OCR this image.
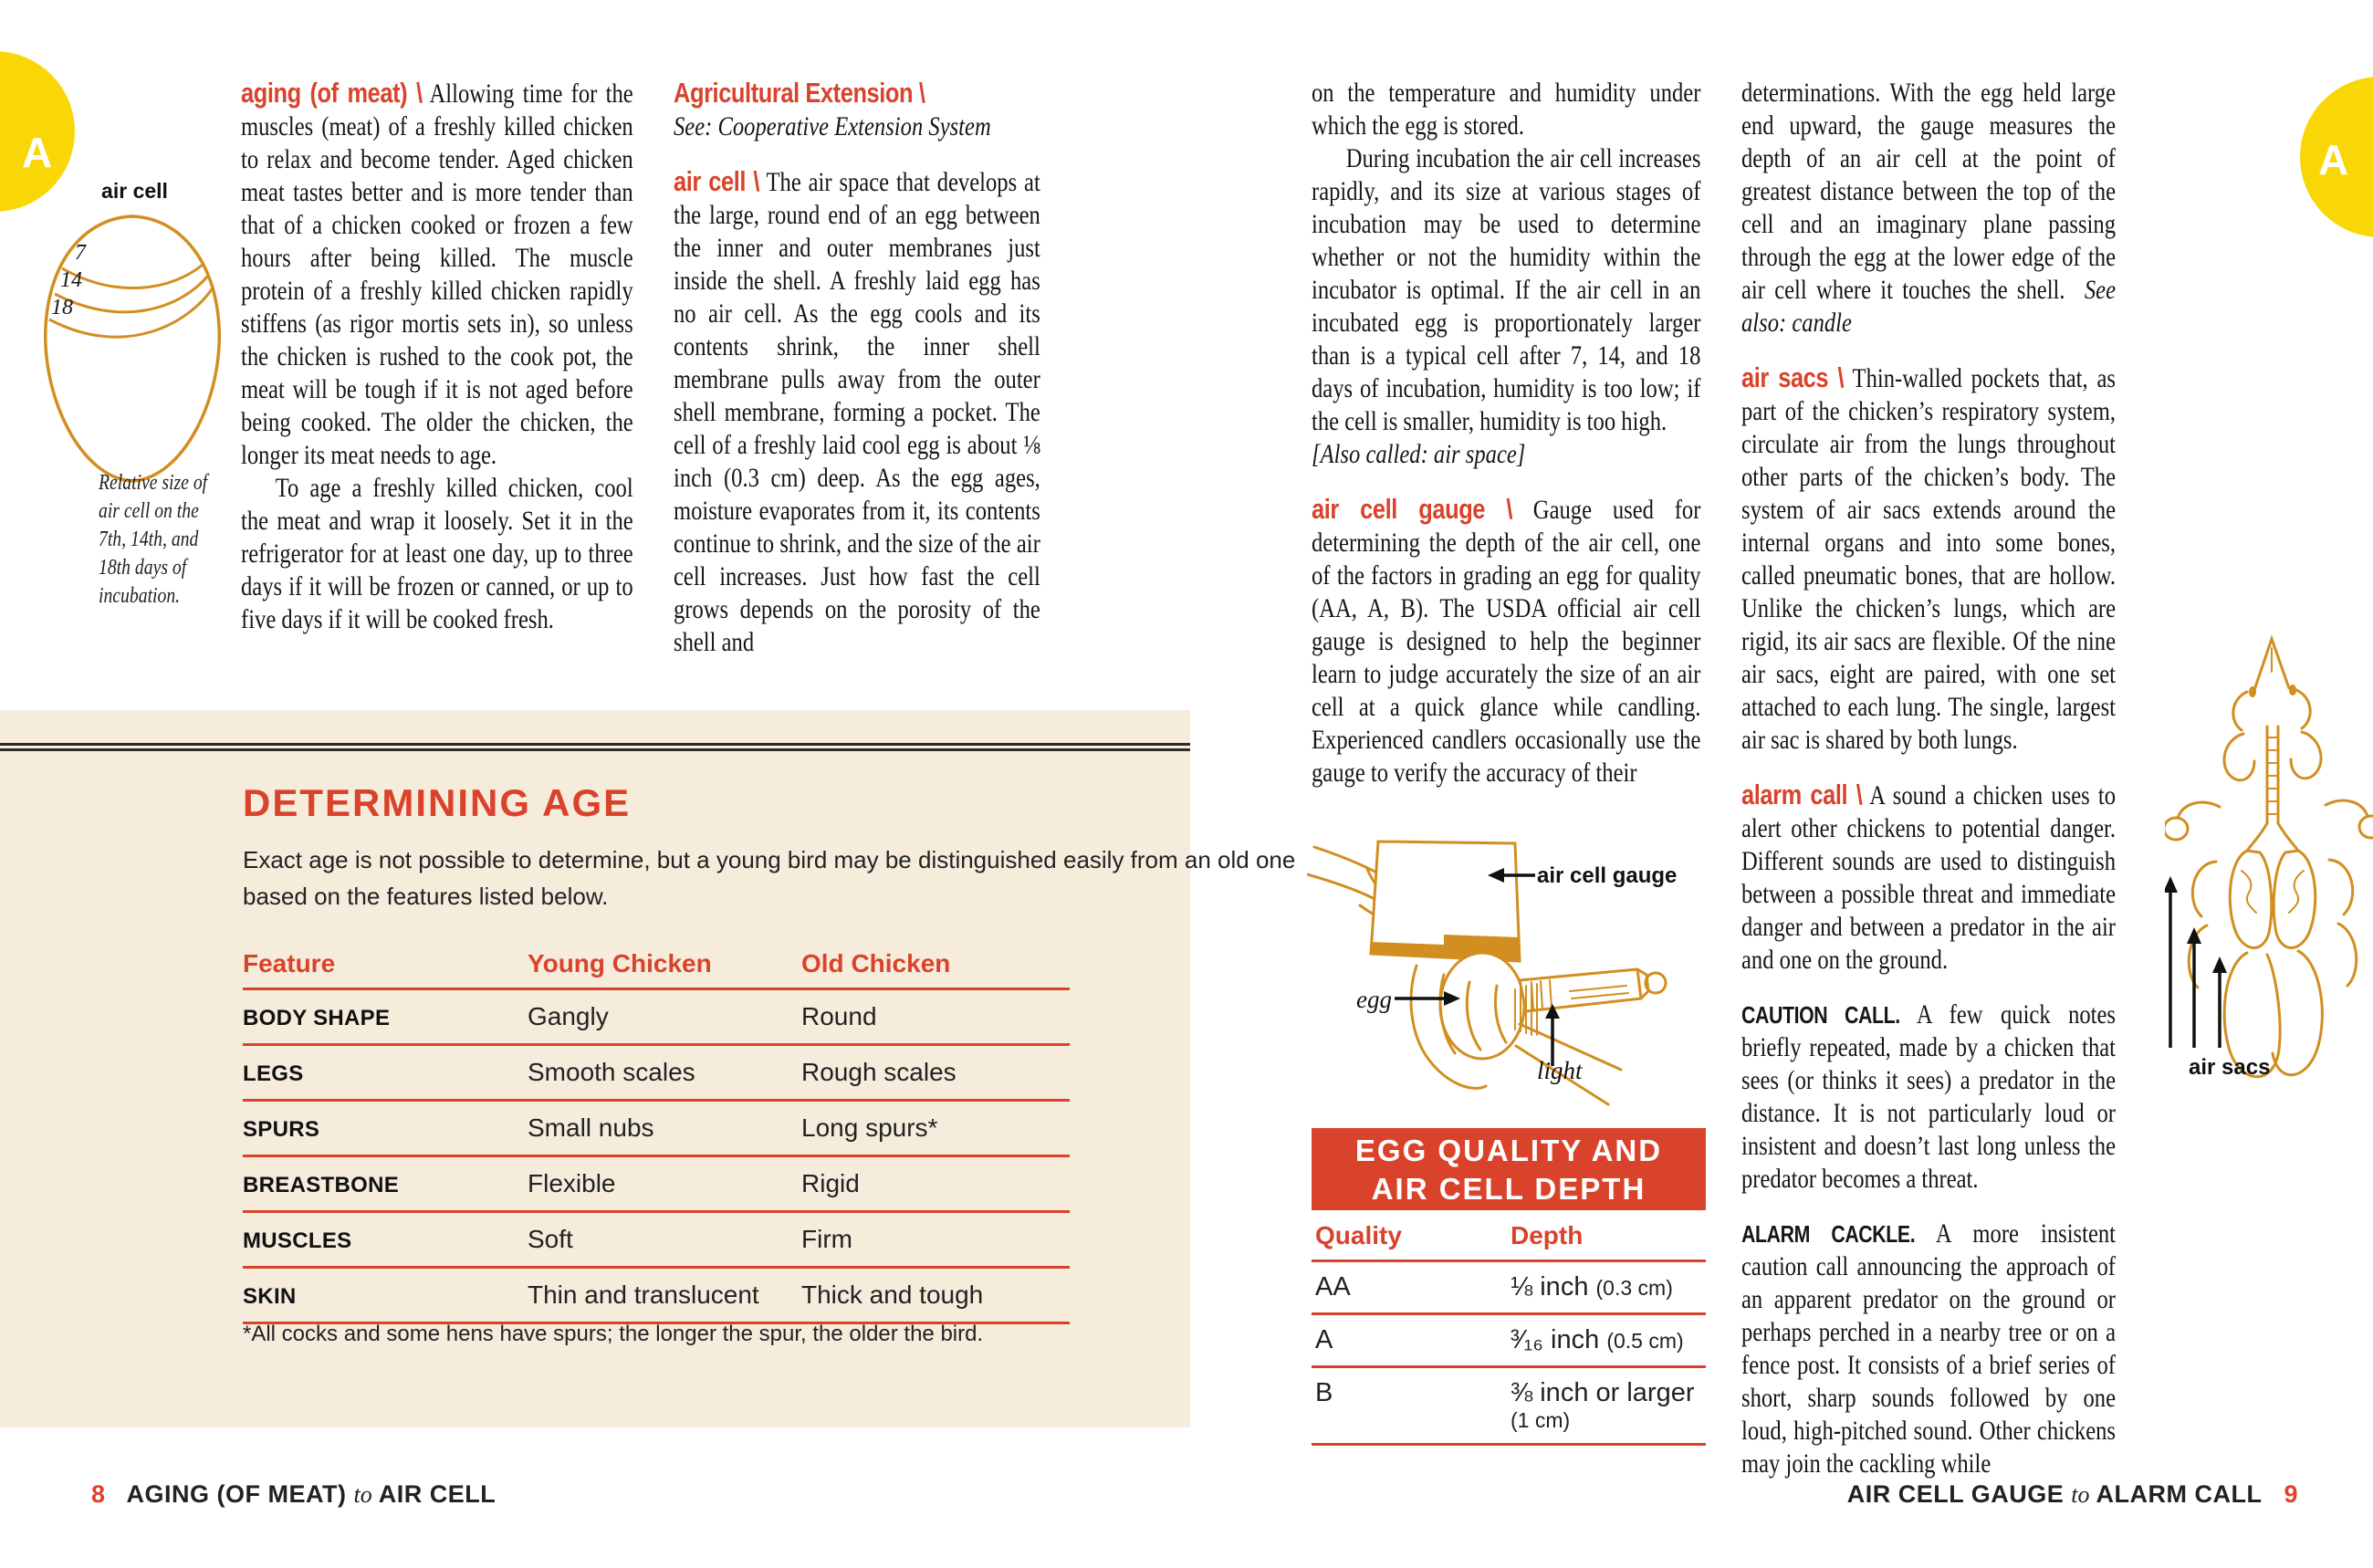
A	A
air cell
7
14
18
Relative size of
air cell on the
7th, 14th, and
18th days of
incubation.

aging (of meat) \ Allowing time for the muscles (meat) of a freshly killed chicken to relax and become tender. Aged chicken meat tastes better and is more tender than that of a chicken cooked or frozen a few hours after being killed. The muscle protein of a freshly killed chicken rapidly stiffens (as rigor mortis sets in), so unless the chicken is rushed to the cook pot, the meat will be tough if it is not aged before being cooked. The older the chicken, the longer its meat needs to age.

To age a freshly killed chicken, cool the meat and wrap it loosely. Set it in the refrigerator for at least one day, up to three days if it will be frozen or canned, or up to five days if it will be cooked fresh.

Agricultural Extension \

See: Cooperative Extension System

air cell \ The air space that develops at the large, round end of an egg between the inner and outer membranes just inside the shell. A freshly laid egg has no air cell. As the egg cools and its contents shrink, the inner shell membrane pulls away from the outer shell membrane, forming a pocket. The cell of a freshly laid cool egg is about ⅛ inch (0.3 cm) deep. As the egg ages, moisture evaporates from it, its contents continue to shrink, and the size of the air cell increases. Just how fast the cell grows depends on the porosity of the shell and

DETERMINING AGE
Exact age is not possible to determine, but a young bird may be distinguished easily from an old one based on the features listed below.
Feature	Young Chicken	Old Chicken
BODY SHAPE	Gangly	Round
LEGS	Smooth scales	Rough scales
SPURS	Small nubs	Long spurs*
BREASTBONE	Flexible	Rigid
MUSCLES	Soft	Firm
SKIN	Thin and translucent	Thick and tough
*All cocks and some hens have spurs; the longer the spur, the older the bird.
8 AGING (OF MEAT) to AIR CELL

on the temperature and humidity under which the egg is stored.

During incubation the air cell increases rapidly, and its size at various stages of incubation may be used to determine whether or not the humidity within the incubator is optimal. If the air cell in an incubated egg is proportionately larger than is a typical cell after 7, 14, and 18 days of incubation, humidity is too low; if the cell is smaller, humidity is too high.

[Also called: air space]

air cell gauge \ Gauge used for determining the depth of the air cell, one of the factors in grading an egg for quality (AA, A, B). The USDA official air cell gauge is designed to help the beginner learn to judge accurately the size of an air cell at a quick glance while candling. Experienced candlers occasionally use the gauge to verify the accuracy of their

air cell gauge
egg
light
EGG QUALITY AND
AIR CELL DEPTH
Quality	Depth
AA	⅛ inch (0.3 cm)
A	³⁄₁₆ inch (0.5 cm)
B	⅜ inch or larger
(1 cm)

determinations. With the egg held large end upward, the gauge measures the depth of an air cell at the point of greatest distance between the top of the cell and an imaginary plane passing through the egg at the lower edge of the air cell where it touches the shell. See also: candle

air sacs \ Thin-walled pockets that, as part of the chicken’s respiratory system, circulate air from the lungs throughout other parts of the chicken’s body. The system of air sacs extends around the internal organs and into some bones, called pneumatic bones, that are hollow. Unlike the chicken’s lungs, which are rigid, its air sacs are flexible. Of the nine air sacs, eight are paired, with one set attached to each lung. The single, largest air sac is shared by both lungs.

alarm call \ A sound a chicken uses to alert other chickens to potential danger. Different sounds are used to distinguish between a possible threat and immediate danger and between a predator in the air and one on the ground.

CAUTION CALL. A few quick notes briefly repeated, made by a chicken that sees (or thinks it sees) a predator in the distance. It is not particularly loud or insistent and doesn’t last long unless the predator becomes a threat.

ALARM CACKLE. A more insistent caution call announcing the approach of an apparent predator on the ground or perhaps perched in a nearby tree or on a fence post. It consists of a brief series of short, sharp sounds followed by one loud, high-pitched sound. Other chickens may join the cackling while

air sacs
AIR CELL GAUGE to ALARM CALL 9
